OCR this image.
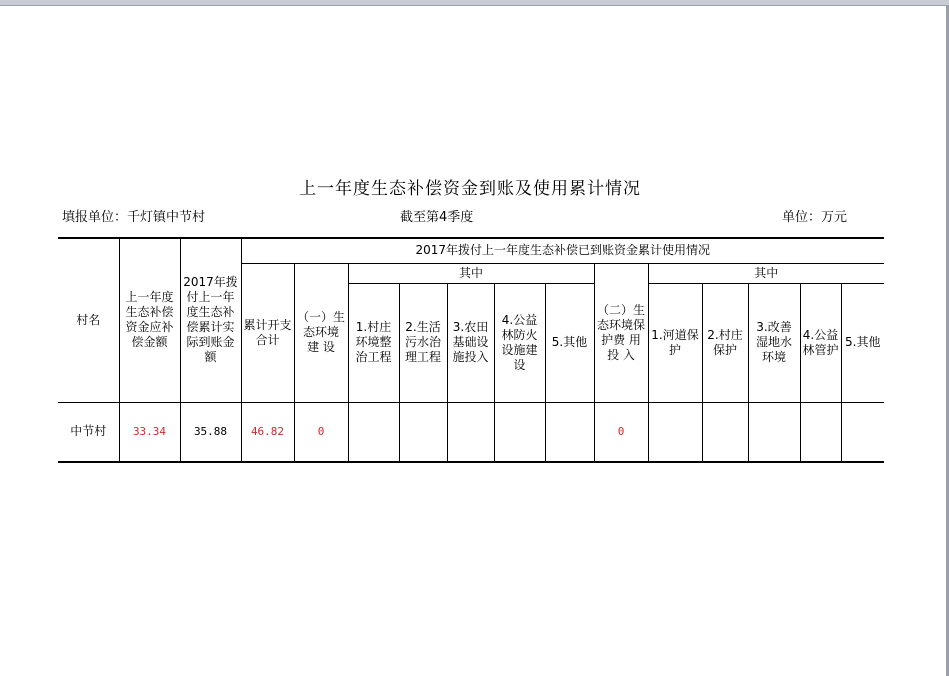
上一年度生态补偿资金到账及使用累计情况
填报单位：千灯镇中节村	截至第4季度	单位：万元
村名	上一年度生态补偿资金应补偿金额	2017年拨付上一年度生态补偿累计实际到账金 额	2017年拨付上一年度生态补偿已到账资金累计使用情况												
			累计开支合计	（一）生态环境 建 设	其中					（二）生态环境保护费 用投 入	其中				
					1.村庄环境整治工程	2.生活污水治理工程	3.农田基础设施投入	4.公益林防火设施建设	5.其他		1.河道保护	2.村庄保护	3.改善湿地水环境	4.公益林管护	5.其他
中节村	33.34	35.88	46.82	0						0					
